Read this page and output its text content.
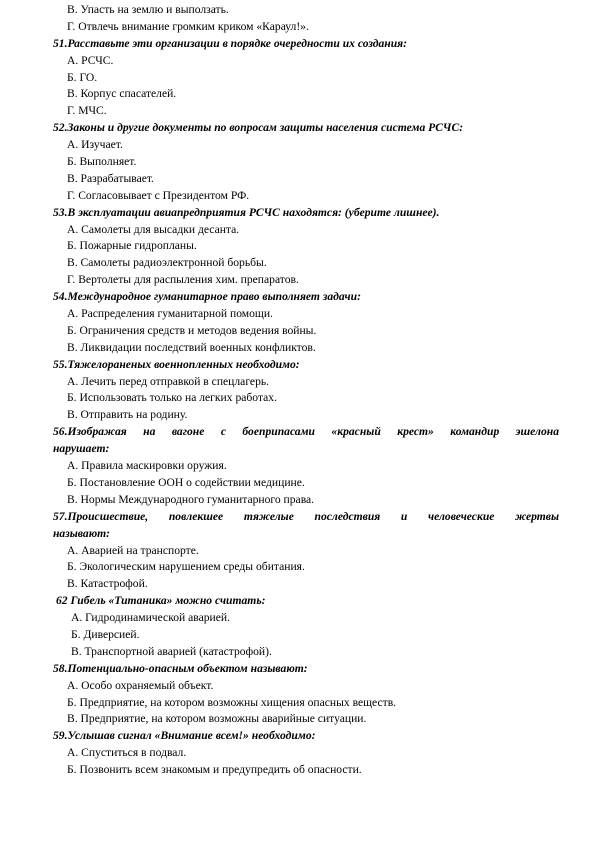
В. Упасть на землю и выползать.
Г. Отвлечь внимание громким криком «Караул!».
51.Расставьте эти организации в порядке очередности их создания:
А. РСЧС.
Б. ГО.
В. Корпус спасателей.
Г. МЧС.
52.Законы и другие документы по вопросам защиты населения система РСЧС:
А. Изучает.
Б. Выполняет.
В. Разрабатывает.
Г. Согласовывает с Президентом РФ.
53.В эксплуатации авиапредприятия РСЧС находятся: (уберите лишнее).
А. Самолеты для высадки десанта.
Б. Пожарные гидропланы.
В. Самолеты радиоэлектронной борьбы.
Г. Вертолеты для распыления хим. препаратов.
54.Международное гуманитарное право выполняет задачи:
А. Распределения гуманитарной помощи.
Б. Ограничения средств и методов ведения войны.
В. Ликвидации последствий военных конфликтов.
55.Тяжелораненых военнопленных необходимо:
А. Лечить перед отправкой в спецлагерь.
Б. Использовать только на легких работах.
В. Отправить на родину.
56.Изображая на вагоне с боеприпасами «красный крест» командир эшелона
нарушает:
А. Правила маскировки оружия.
Б. Постановление ООН о содействии медицине.
В. Нормы Международного гуманитарного права.
57.Происшествие, повлекшее тяжелые последствия и человеческие жертвы
называют:
А. Аварией на транспорте.
Б. Экологическим нарушением среды обитания.
В. Катастрофой.
62 Гибель «Титаника» можно считать:
А. Гидродинамической аварией.
Б. Диверсией.
В. Транспортной аварией (катастрофой).
58.Потенциально-опасным объектом называют:
А. Особо охраняемый объект.
Б. Предприятие, на котором возможны хищения опасных веществ.
В. Предприятие, на котором возможны аварийные ситуации.
59.Услышав сигнал «Внимание всем!» необходимо:
А. Спуститься в подвал.
Б. Позвонить всем знакомым и предупредить об опасности.
